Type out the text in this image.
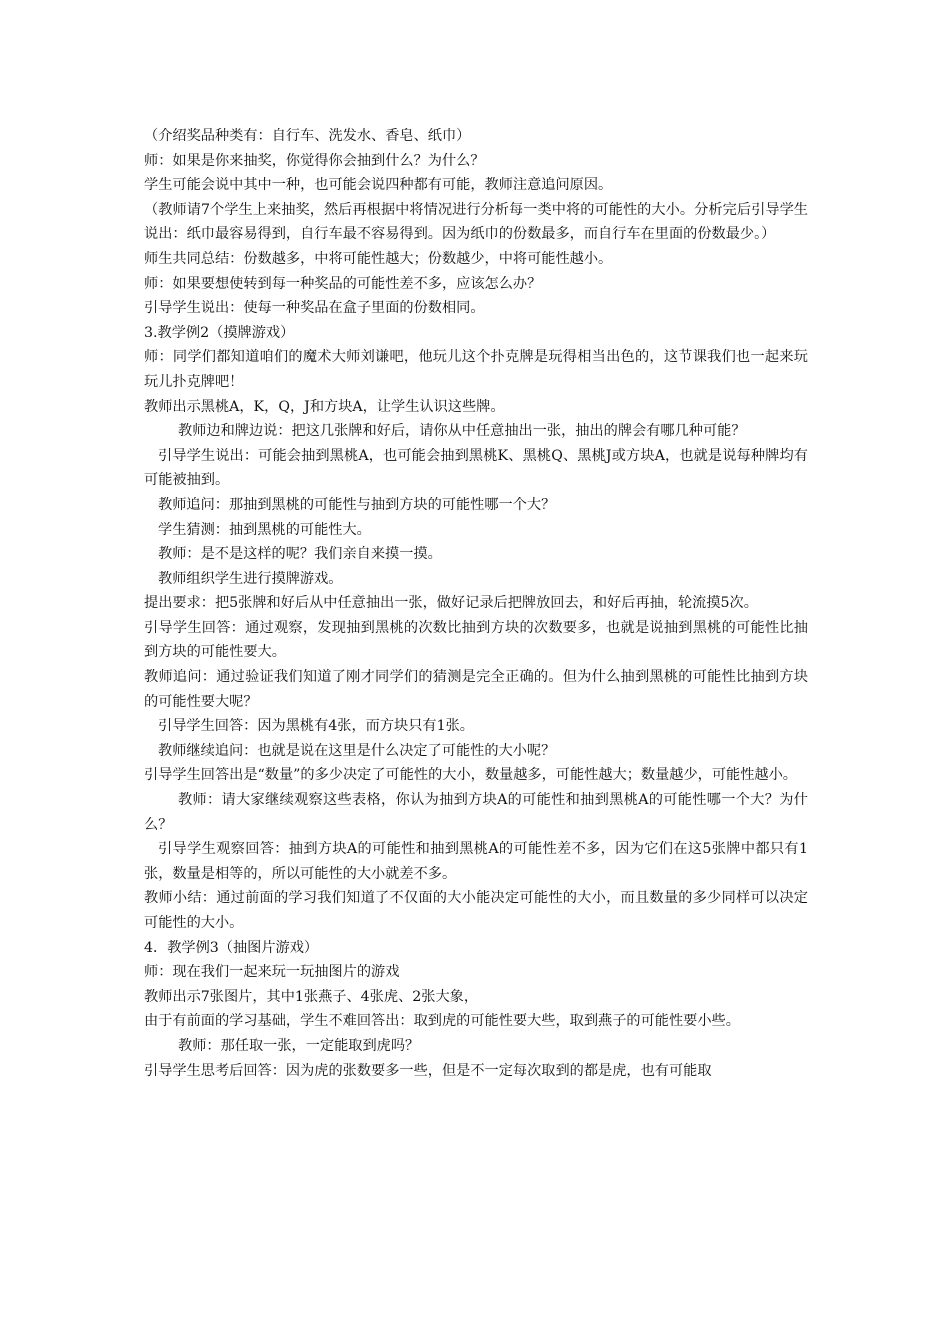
（介绍奖品种类有：自行车、洗发水、香皂、纸巾）

师：如果是你来抽奖，你觉得你会抽到什么？为什么？

学生可能会说中其中一种，也可能会说四种都有可能，教师注意追问原因。

（教师请7个学生上来抽奖，然后再根据中将情况进行分析每一类中将的可能性的大小。分析完后引导学生说出：纸巾最容易得到，自行车最不容易得到。因为纸巾的份数最多，而自行车在里面的份数最少。）

师生共同总结：份数越多，中将可能性越大；份数越少，中将可能性越小。

师：如果要想使转到每一种奖品的可能性差不多，应该怎么办？

引导学生说出：使每一种奖品在盒子里面的份数相同。

3.教学例2（摸牌游戏）

师：同学们都知道咱们的魔术大师刘谦吧，他玩儿这个扑克牌是玩得相当出色的，这节课我们也一起来玩玩儿扑克牌吧！

教师出示黑桃A，K，Q，J和方块A，让学生认识这些牌。

教师边和牌边说：把这几张牌和好后，请你从中任意抽出一张，抽出的牌会有哪几种可能？

引导学生说出：可能会抽到黑桃A，也可能会抽到黑桃K、黑桃Q、黑桃J或方块A，也就是说每种牌均有可能被抽到。

教师追问：那抽到黑桃的可能性与抽到方块的可能性哪一个大？

学生猜测：抽到黑桃的可能性大。

教师：是不是这样的呢？我们亲自来摸一摸。

教师组织学生进行摸牌游戏。

提出要求：把5张牌和好后从中任意抽出一张，做好记录后把牌放回去，和好后再抽，轮流摸5次。

引导学生回答：通过观察，发现抽到黑桃的次数比抽到方块的次数要多，也就是说抽到黑桃的可能性比抽到方块的可能性要大。

教师追问：通过验证我们知道了刚才同学们的猜测是完全正确的。但为什么抽到黑桃的可能性比抽到方块的可能性要大呢？

引导学生回答：因为黑桃有4张，而方块只有1张。

教师继续追问：也就是说在这里是什么决定了可能性的大小呢？

引导学生回答出是“数量”的多少决定了可能性的大小，数量越多，可能性越大；数量越少，可能性越小。

教师：请大家继续观察这些表格，你认为抽到方块A的可能性和抽到黑桃A的可能性哪一个大？为什么？

引导学生观察回答：抽到方块A的可能性和抽到黑桃A的可能性差不多，因为它们在这5张牌中都只有1张，数量是相等的，所以可能性的大小就差不多。

教师小结：通过前面的学习我们知道了不仅面的大小能决定可能性的大小，而且数量的多少同样可以决定可能性的大小。

4．教学例3（抽图片游戏）

师：现在我们一起来玩一玩抽图片的游戏

教师出示7张图片，其中1张燕子、4张虎、2张大象，

由于有前面的学习基础，学生不难回答出：取到虎的可能性要大些，取到燕子的可能性要小些。

教师：那任取一张，一定能取到虎吗？

引导学生思考后回答：因为虎的张数要多一些，但是不一定每次取到的都是虎，也有可能取
